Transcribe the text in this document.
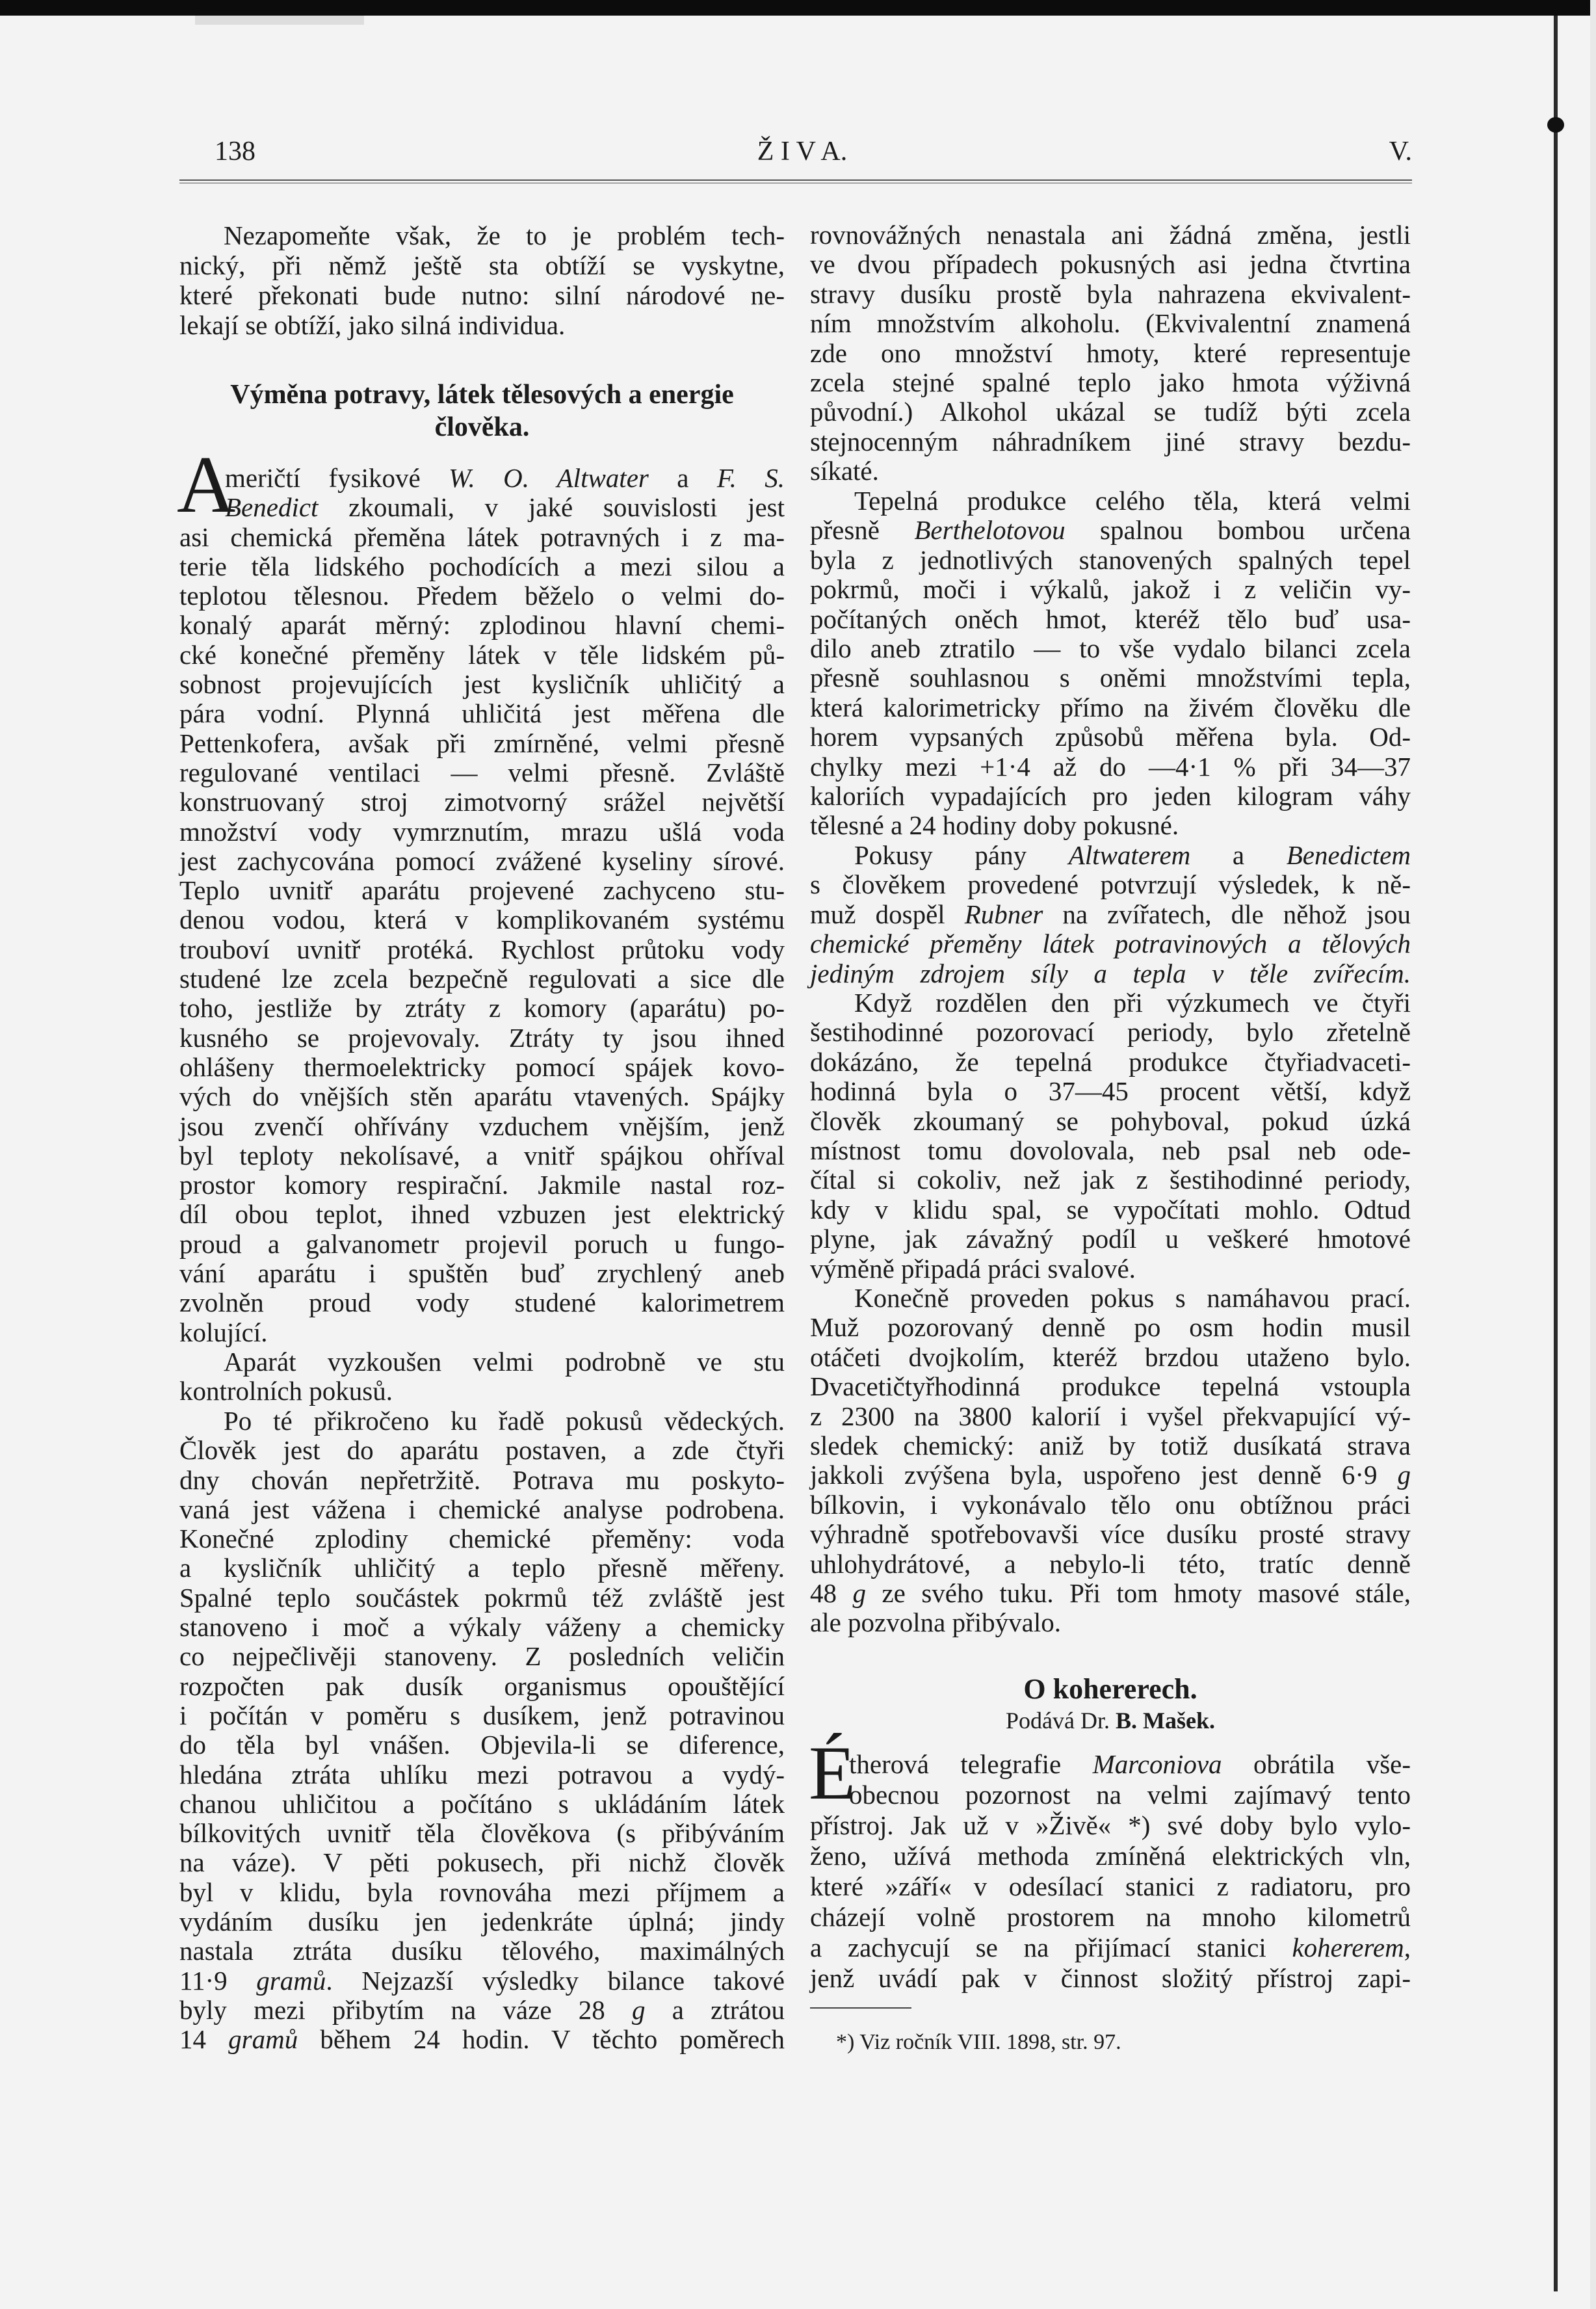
138	Ž I V A.	V.
Nezapomeňte však, že to je problém tech-
nický, při němž ještě sta obtíží se vyskytne,
které překonati bude nutno: silní národové ne-
lekají se obtíží, jako silná individua.
Výměna potravy, látek tělesových a energie
člověka.
A
meričtí fysikové W. O. Altwater a F. S.
Benedict zkoumali, v jaké souvislosti jest
asi chemická přeměna látek potravných i z ma-
terie těla lidského pochodících a mezi silou a
teplotou tělesnou. Předem běželo o velmi do-
konalý aparát měrný: zplodinou hlavní chemi-
cké konečné přeměny látek v těle lidském pů-
sobnost projevujících jest kysličník uhličitý a
pára vodní. Plynná uhličitá jest měřena dle
Pettenkofera, avšak při zmírněné, velmi přesně
regulované ventilaci — velmi přesně. Zvláště
konstruovaný stroj zimotvorný srážel největší
množství vody vymrznutím, mrazu ušlá voda
jest zachycována pomocí zvážené kyseliny sírové.
Teplo uvnitř aparátu projevené zachyceno stu-
denou vodou, která v komplikovaném systému
trouboví uvnitř protéká. Rychlost průtoku vody
studené lze zcela bezpečně regulovati a sice dle
toho, jestliže by ztráty z komory (aparátu) po-
kusného se projevovaly. Ztráty ty jsou ihned
ohlášeny thermoelektricky pomocí spájek kovo-
vých do vnějších stěn aparátu vtavených. Spájky
jsou zvenčí ohřívány vzduchem vnějším, jenž
byl teploty nekolísavé, a vnitř spájkou ohříval
prostor komory respirační. Jakmile nastal roz-
díl obou teplot, ihned vzbuzen jest elektrický
proud a galvanometr projevil poruch u fungo-
vání aparátu i spuštěn buď zrychlený aneb
zvolněn proud vody studené kalorimetrem
kolující.
Aparát vyzkoušen velmi podrobně ve stu
kontrolních pokusů.
Po té přikročeno ku řadě pokusů vědeckých.
Člověk jest do aparátu postaven, a zde čtyři
dny chován nepřetržitě. Potrava mu poskyto-
vaná jest vážena i chemické analyse podrobena.
Konečné zplodiny chemické přeměny: voda
a kysličník uhličitý a teplo přesně měřeny.
Spalné teplo součástek pokrmů též zvláště jest
stanoveno i moč a výkaly váženy a chemicky
co nejpečlivěji stanoveny. Z posledních veličin
rozpočten pak dusík organismus opouštějící
i počítán v poměru s dusíkem, jenž potravinou
do těla byl vnášen. Objevila-li se diference,
hledána ztráta uhlíku mezi potravou a vydý-
chanou uhličitou a počítáno s ukládáním látek
bílkovitých uvnitř těla člověkova (s přibýváním
na váze). V pěti pokusech, při nichž člověk
byl v klidu, byla rovnováha mezi příjmem a
vydáním dusíku jen jedenkráte úplná; jindy
nastala ztráta dusíku tělového, maximálných
11·9 gramů. Nejzazší výsledky bilance takové
byly mezi přibytím na váze 28 g a ztrátou
14 gramů během 24 hodin. V těchto poměrech
rovnovážných nenastala ani žádná změna, jestli
ve dvou případech pokusných asi jedna čtvrtina
stravy dusíku prostě byla nahrazena ekvivalent-
ním množstvím alkoholu. (Ekvivalentní znamená
zde ono množství hmoty, které representuje
zcela stejné spalné teplo jako hmota výživná
původní.) Alkohol ukázal se tudíž býti zcela
stejnocenným náhradníkem jiné stravy bezdu-
síkaté.
Tepelná produkce celého těla, která velmi
přesně Berthelotovou spalnou bombou určena
byla z jednotlivých stanovených spalných tepel
pokrmů, moči i výkalů, jakož i z veličin vy-
počítaných oněch hmot, kteréž tělo buď usa-
dilo aneb ztratilo — to vše vydalo bilanci zcela
přesně souhlasnou s oněmi množstvími tepla,
která kalorimetricky přímo na živém člověku dle
horem vypsaných způsobů měřena byla. Od-
chylky mezi +1·4 až do —4·1 % při 34—37
kaloriích vypadajících pro jeden kilogram váhy
tělesné a 24 hodiny doby pokusné.
Pokusy pány Altwaterem a Benedictem
s člověkem provedené potvrzují výsledek, k ně-
muž dospěl Rubner na zvířatech, dle něhož jsou
chemické přeměny látek potravinových a tělových
jediným zdrojem síly a tepla v těle zvířecím.
Když rozdělen den při výzkumech ve čtyři
šestihodinné pozorovací periody, bylo zřetelně
dokázáno, že tepelná produkce čtyřiadvaceti-
hodinná byla o 37—45 procent větší, když
člověk zkoumaný se pohyboval, pokud úzká
místnost tomu dovolovala, neb psal neb ode-
čítal si cokoliv, než jak z šestihodinné periody,
kdy v klidu spal, se vypočítati mohlo. Odtud
plyne, jak závažný podíl u veškeré hmotové
výměně připadá práci svalové.
Konečně proveden pokus s namáhavou prací.
Muž pozorovaný denně po osm hodin musil
otáčeti dvojkolím, kteréž brzdou utaženo bylo.
Dvacetičtyřhodinná produkce tepelná vstoupla
z 2300 na 3800 kalorií i vyšel překvapující vý-
sledek chemický: aniž by totiž dusíkatá strava
jakkoli zvýšena byla, uspořeno jest denně 6·9 g
bílkovin, i vykonávalo tělo onu obtížnou práci
výhradně spotřebovavši více dusíku prosté stravy
uhlohydrátové, a nebylo-li této, tratíc denně
48 g ze svého tuku. Při tom hmoty masové stále,
ale pozvolna přibývalo.
O kohererech.
Podává Dr. B. Mašek.
É
therová telegrafie Marconiova obrátila vše-
obecnou pozornost na velmi zajímavý tento
přístroj. Jak už v »Živě« *) své doby bylo vylo-
ženo, užívá methoda zmíněná elektrických vln,
které »září« v odesílací stanici z radiatoru, pro
cházejí volně prostorem na mnoho kilometrů
a zachycují se na přijímací stanici kohererem,
jenž uvádí pak v činnost složitý přístroj zapi-
*) Viz ročník VIII. 1898, str. 97.
